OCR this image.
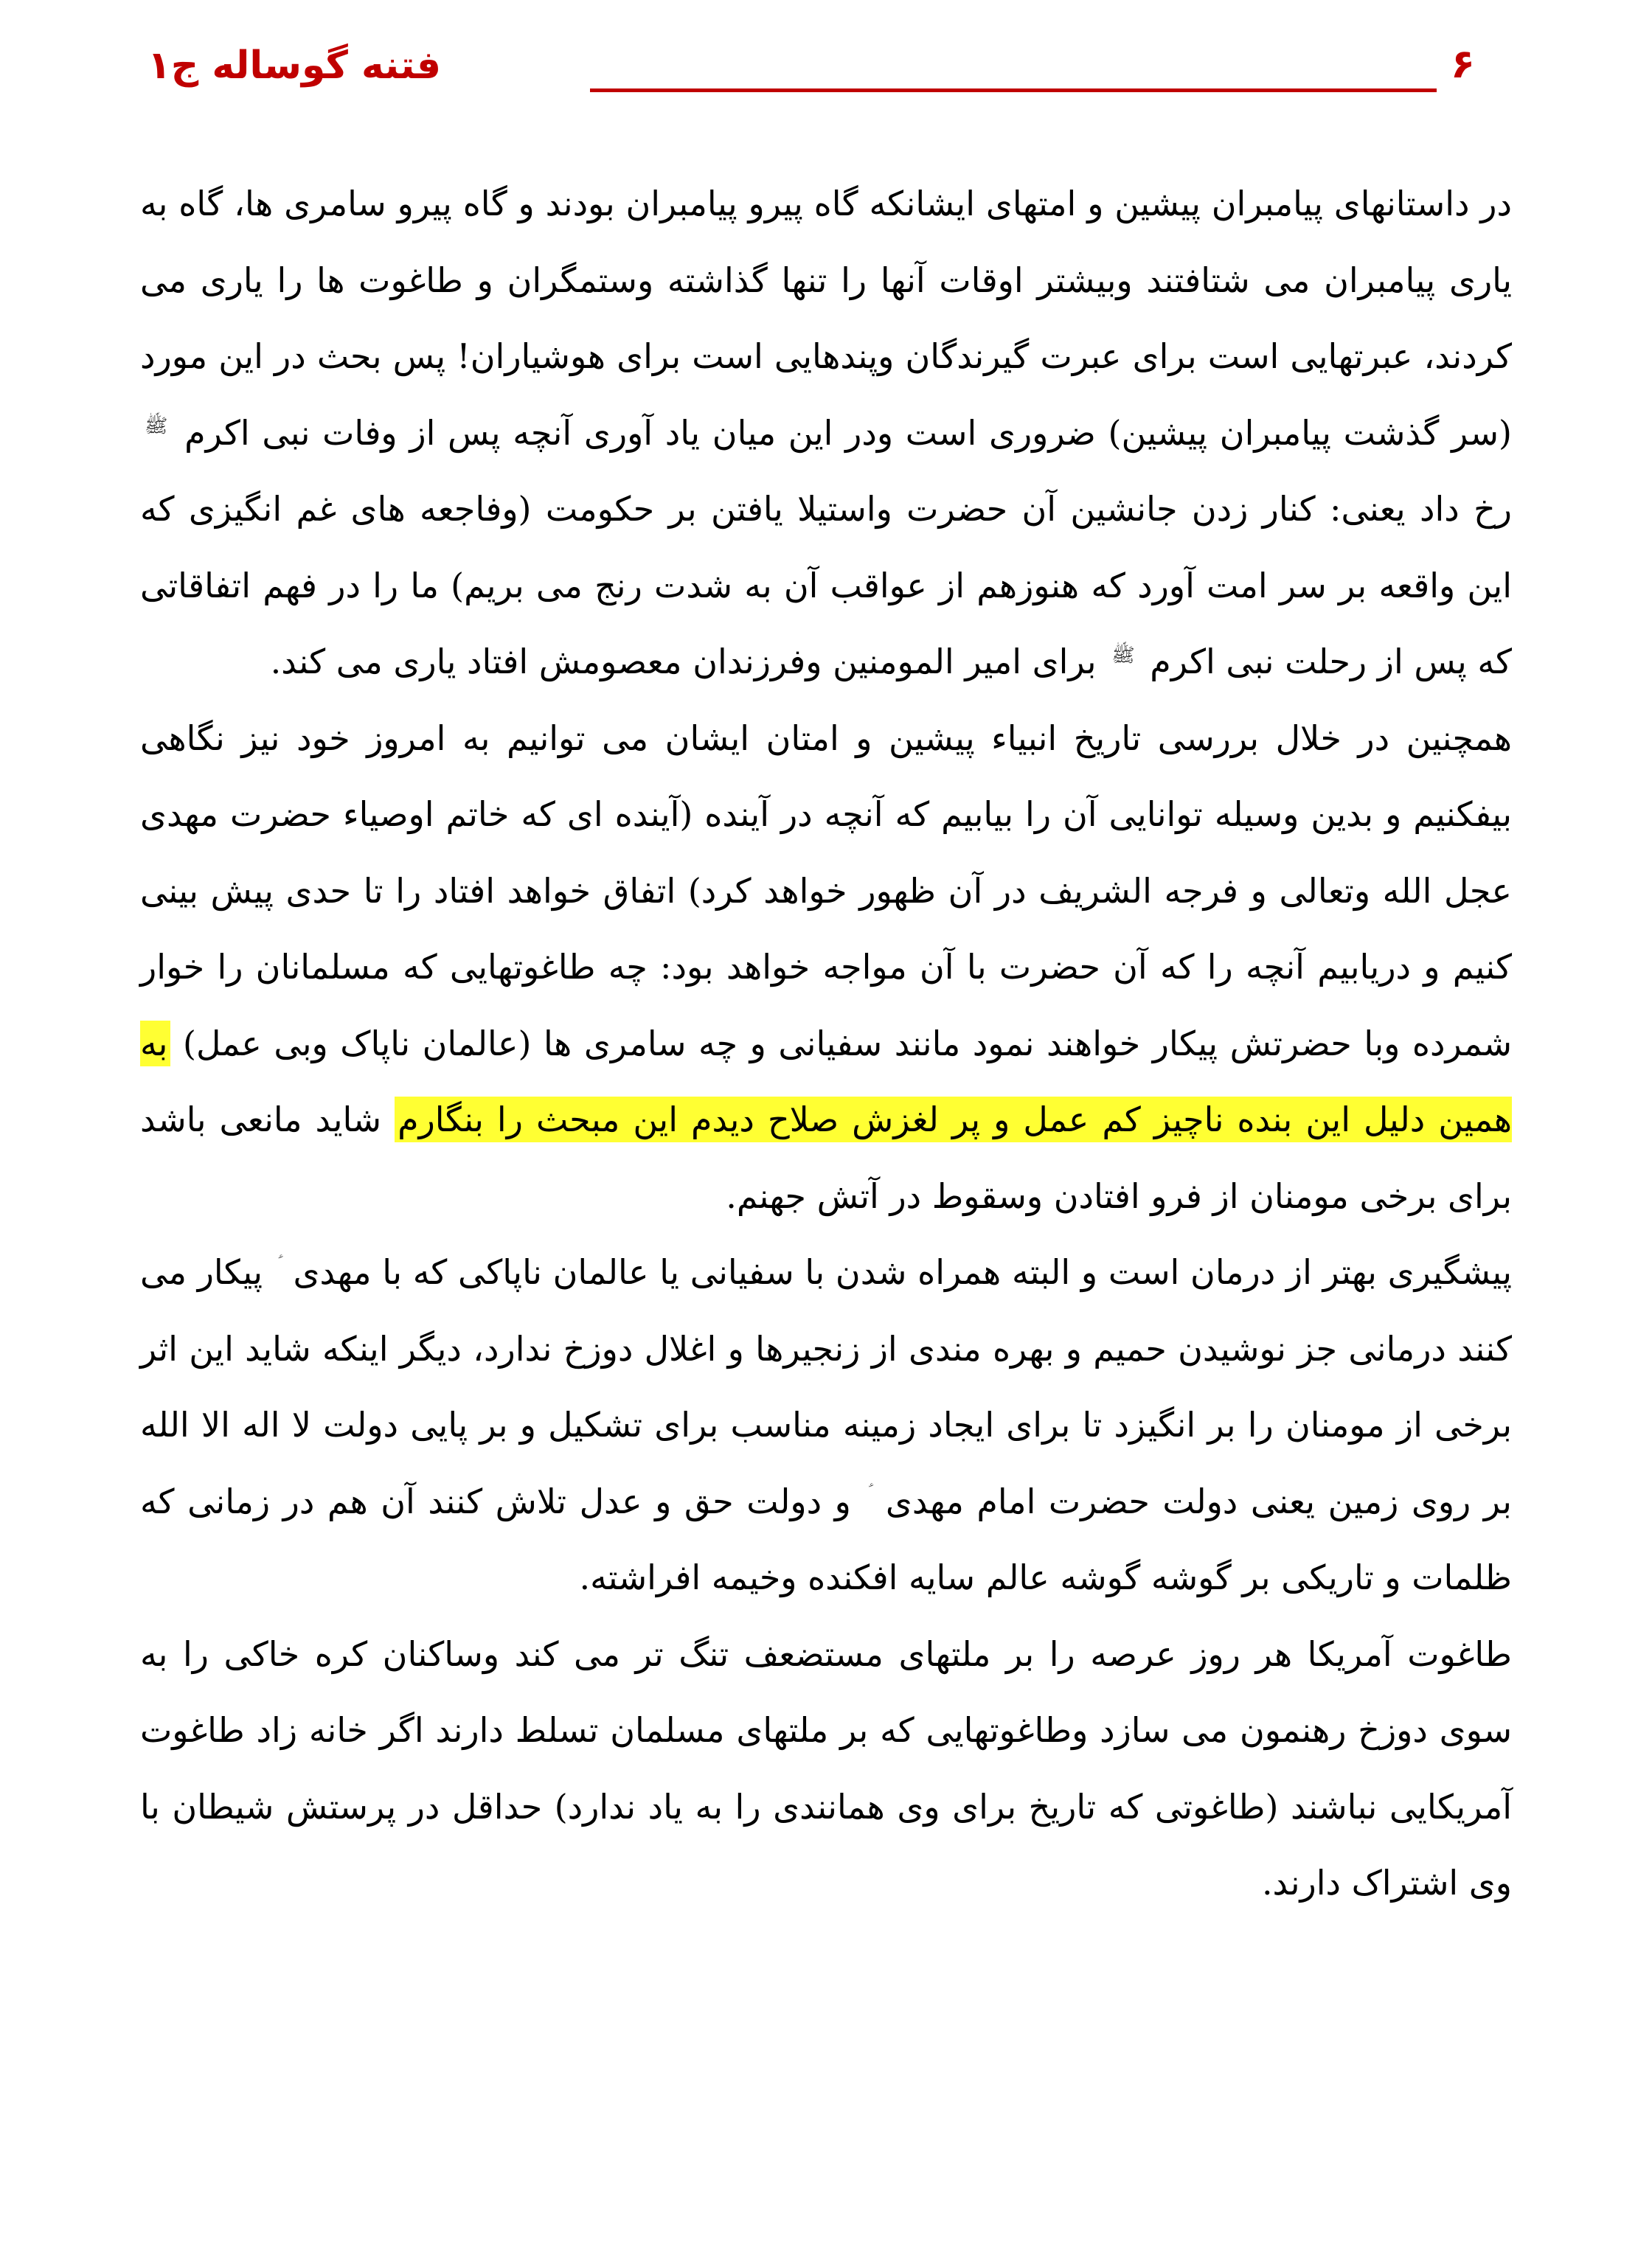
۶
فتنه گوساله ج۱

در داستانهای پیامبران پیشین و امتهای ایشانکه گاه پیرو پیامبران بودند و گاه پیرو سامری ها، گاه به یاری پیامبران می شتافتند وبیشتر اوقات آنها را تنها گذاشته وستمگران و طاغوت ها را یاری می کردند، عبرتهایی است برای عبرت گیرندگان وپندهایی است برای هوشیاران! پس بحث در این مورد (سر گذشت پیامبران پیشین) ضروری است ودر این میان یاد آوری آنچه پس از وفات نبی اکرم ﷺ رخ داد یعنی: کنار زدن جانشین آن حضرت واستیلا یافتن بر حکومت (وفاجعه های غم انگیزی که این واقعه بر سر امت آورد که هنوزهم از عواقب آن به شدت رنج می بریم) ما را در فهم اتفاقاتی که پس از رحلت نبی اکرم ﷺ برای امیر المومنین وفرزندان معصومش افتاد یاری می کند.

همچنین در خلال بررسی تاریخ انبیاء پیشین و امتان ایشان می توانیم به امروز خود نیز نگاهی بیفکنیم و بدین وسیله توانایی آن را بیابیم که آنچه در آینده (آینده ای که خاتم اوصیاء حضرت مهدی عجل الله وتعالی و فرجه الشریف در آن ظهور خواهد کرد) اتفاق خواهد افتاد را تا حدی پیش بینی کنیم و دریابیم آنچه را که آن حضرت با آن مواجه خواهد بود: چه طاغوتهایی که مسلمانان را خوار شمرده وبا حضرتش پیکار خواهند نمود مانند سفیانی و چه سامری ها (عالمان ناپاک وبی عمل) به همین دلیل این بنده ناچیز کم عمل و پر لغزش صلاح دیدم این مبحث را بنگارم شاید مانعی باشد برای برخی مومنان از فرو افتادن وسقوط در آتش جهنم.

پیشگیری بهتر از درمان است و البته همراه شدن با سفیانی یا عالمان ناپاکی که با مهدی  پیکار می کنند درمانی جز نوشیدن حمیم و بهره مندی از زنجیرها و اغلال دوزخ ندارد، دیگر اینکه شاید این اثر برخی از مومنان را بر انگیزد تا برای ایجاد زمینه مناسب برای تشکیل و بر پایی دولت لا اله الا الله بر روی زمین یعنی دولت حضرت امام مهدی  و دولت حق و عدل تلاش کنند آن هم در زمانی که ظلمات و تاریکی بر گوشه گوشه عالم سایه افکنده وخیمه افراشته.

طاغوت آمریکا هر روز عرصه را بر ملتهای مستضعف تنگ تر می کند وساکنان کره خاکی را به سوی دوزخ رهنمون می سازد وطاغوتهایی که بر ملتهای مسلمان تسلط دارند اگر خانه زاد طاغوت آمریکایی نباشند (طاغوتی که تاریخ برای وی همانندی را به یاد ندارد) حداقل در پرستش شیطان با وی اشتراک دارند.
